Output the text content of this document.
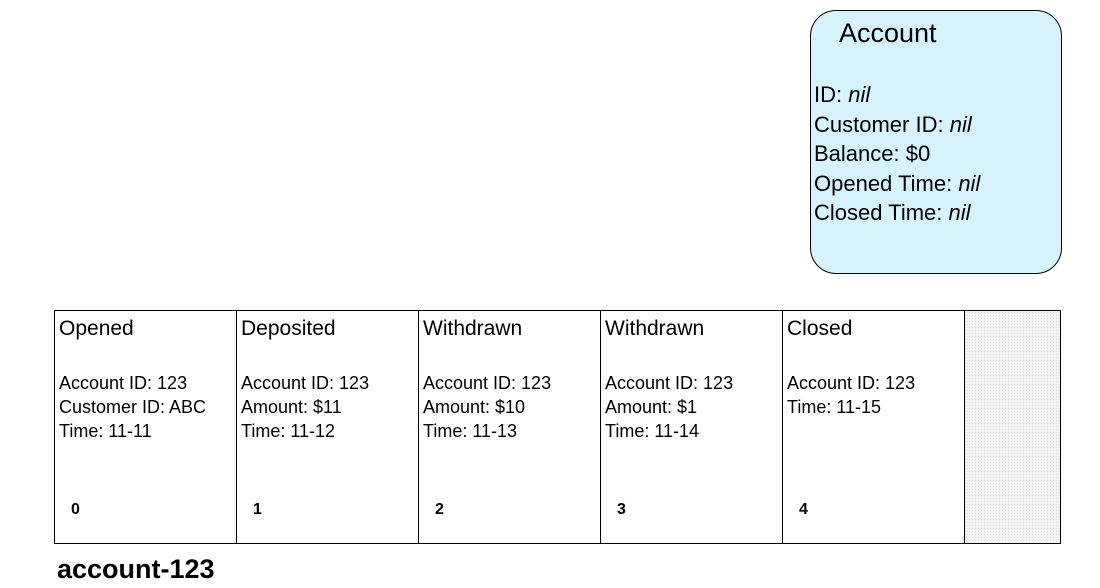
Account
ID: nil
Customer ID: nil
Balance: $0
Opened Time: nil
Closed Time: nil
Opened
Account ID: 123
Customer ID: ABC
Time: 11-11
0
Deposited
Account ID: 123
Amount: $11
Time: 11-12
1
Withdrawn
Account ID: 123
Amount: $10
Time: 11-13
2
Withdrawn
Account ID: 123
Amount: $1
Time: 11-14
3
Closed
Account ID: 123
Time: 11-15
4
account-123
